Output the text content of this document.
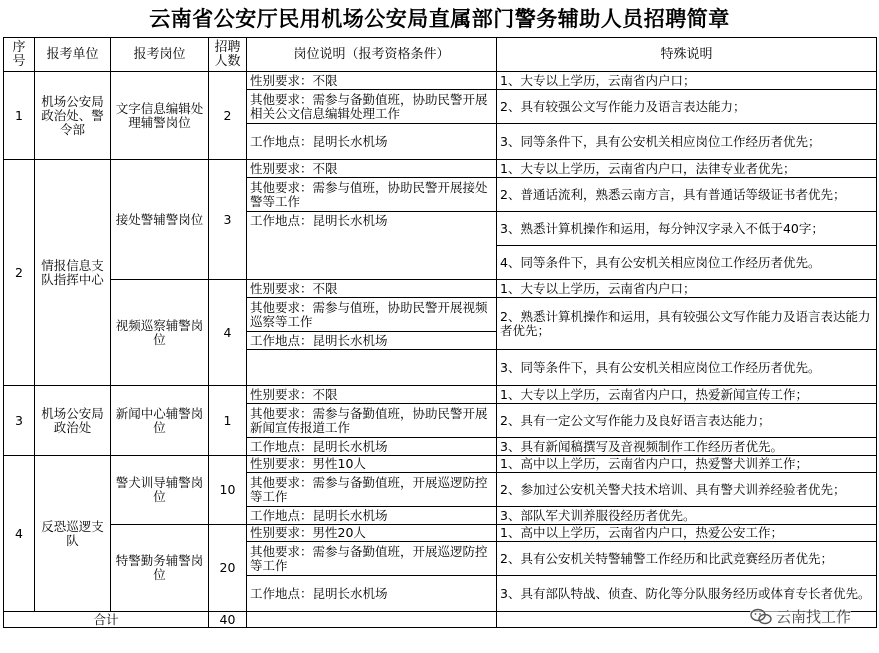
云南省公安厅民用机场公安局直属部门警务辅助人员招聘简章
序号	报考单位	报考岗位	招聘人数	岗位说明（报考资格条件）	特殊说明
1	机场公安局政治处、警令部	文字信息编辑处理辅警岗位	2	性别要求：不限	1、大专以上学历，云南省内户口；
				其他要求：需参与备勤值班，协助民警开展相关公文信息编辑处理工作	2、具有较强公文写作能力及语言表达能力；
				工作地点：昆明长水机场	3、同等条件下，具有公安机关相应岗位工作经历者优先；
2	情报信息支队指挥中心	接处警辅警岗位	3	性别要求：不限	1、大专以上学历，云南省内户口，法律专业者优先；
				其他要求：需参与值班，协助民警开展接处警等工作	2、普通话流利，熟悉云南方言，具有普通话等级证书者优先；
				工作地点：昆明长水机场	3、熟悉计算机操作和运用，每分钟汉字录入不低于40字；
					4、同等条件下，具有公安机关相应岗位工作经历者优先。
		视频巡察辅警岗位	4	性别要求：不限	1、大专以上学历，云南省内户口；
				其他要求：需参与值班，协助民警开展视频巡察等工作	2、熟悉计算机操作和运用，具有较强公文写作能力及语言表达能力者优先；
				工作地点：昆明长水机场	
					3、同等条件下，具有公安机关相应岗位工作经历者优先。
3	机场公安局政治处	新闻中心辅警岗位	1	性别要求：不限	1、大专以上学历，云南省内户口，热爱新闻宣传工作；
				其他要求：需参与备勤值班，协助民警开展新闻宣传报道工作	2、具有一定公文写作能力及良好语言表达能力；
				工作地点：昆明长水机场	3、具有新闻稿撰写及音视频制作工作经历者优先。
4	反恐巡逻支队	警犬训导辅警岗位	10	性别要求：男性10人	1、高中以上学历，云南省内户口，热爱警犬训养工作；
				其他要求：需参与备勤值班，开展巡逻防控等工作	2、参加过公安机关警犬技术培训、具有警犬训养经验者优先；
				工作地点：昆明长水机场	3、部队军犬训养服役经历者优先。
		特警勤务辅警岗位	20	性别要求：男性20人	1、高中以上学历，云南省内户口，热爱公安工作；
				其他要求：需参与备勤值班，开展巡逻防控等工作	2、具有公安机关特警辅警工作经历和比武竞赛经历者优先；
				工作地点：昆明长水机场	3、具有部队特战、侦查、防化等分队服务经历或体育专长者优先。
合计			40			云南找工作
